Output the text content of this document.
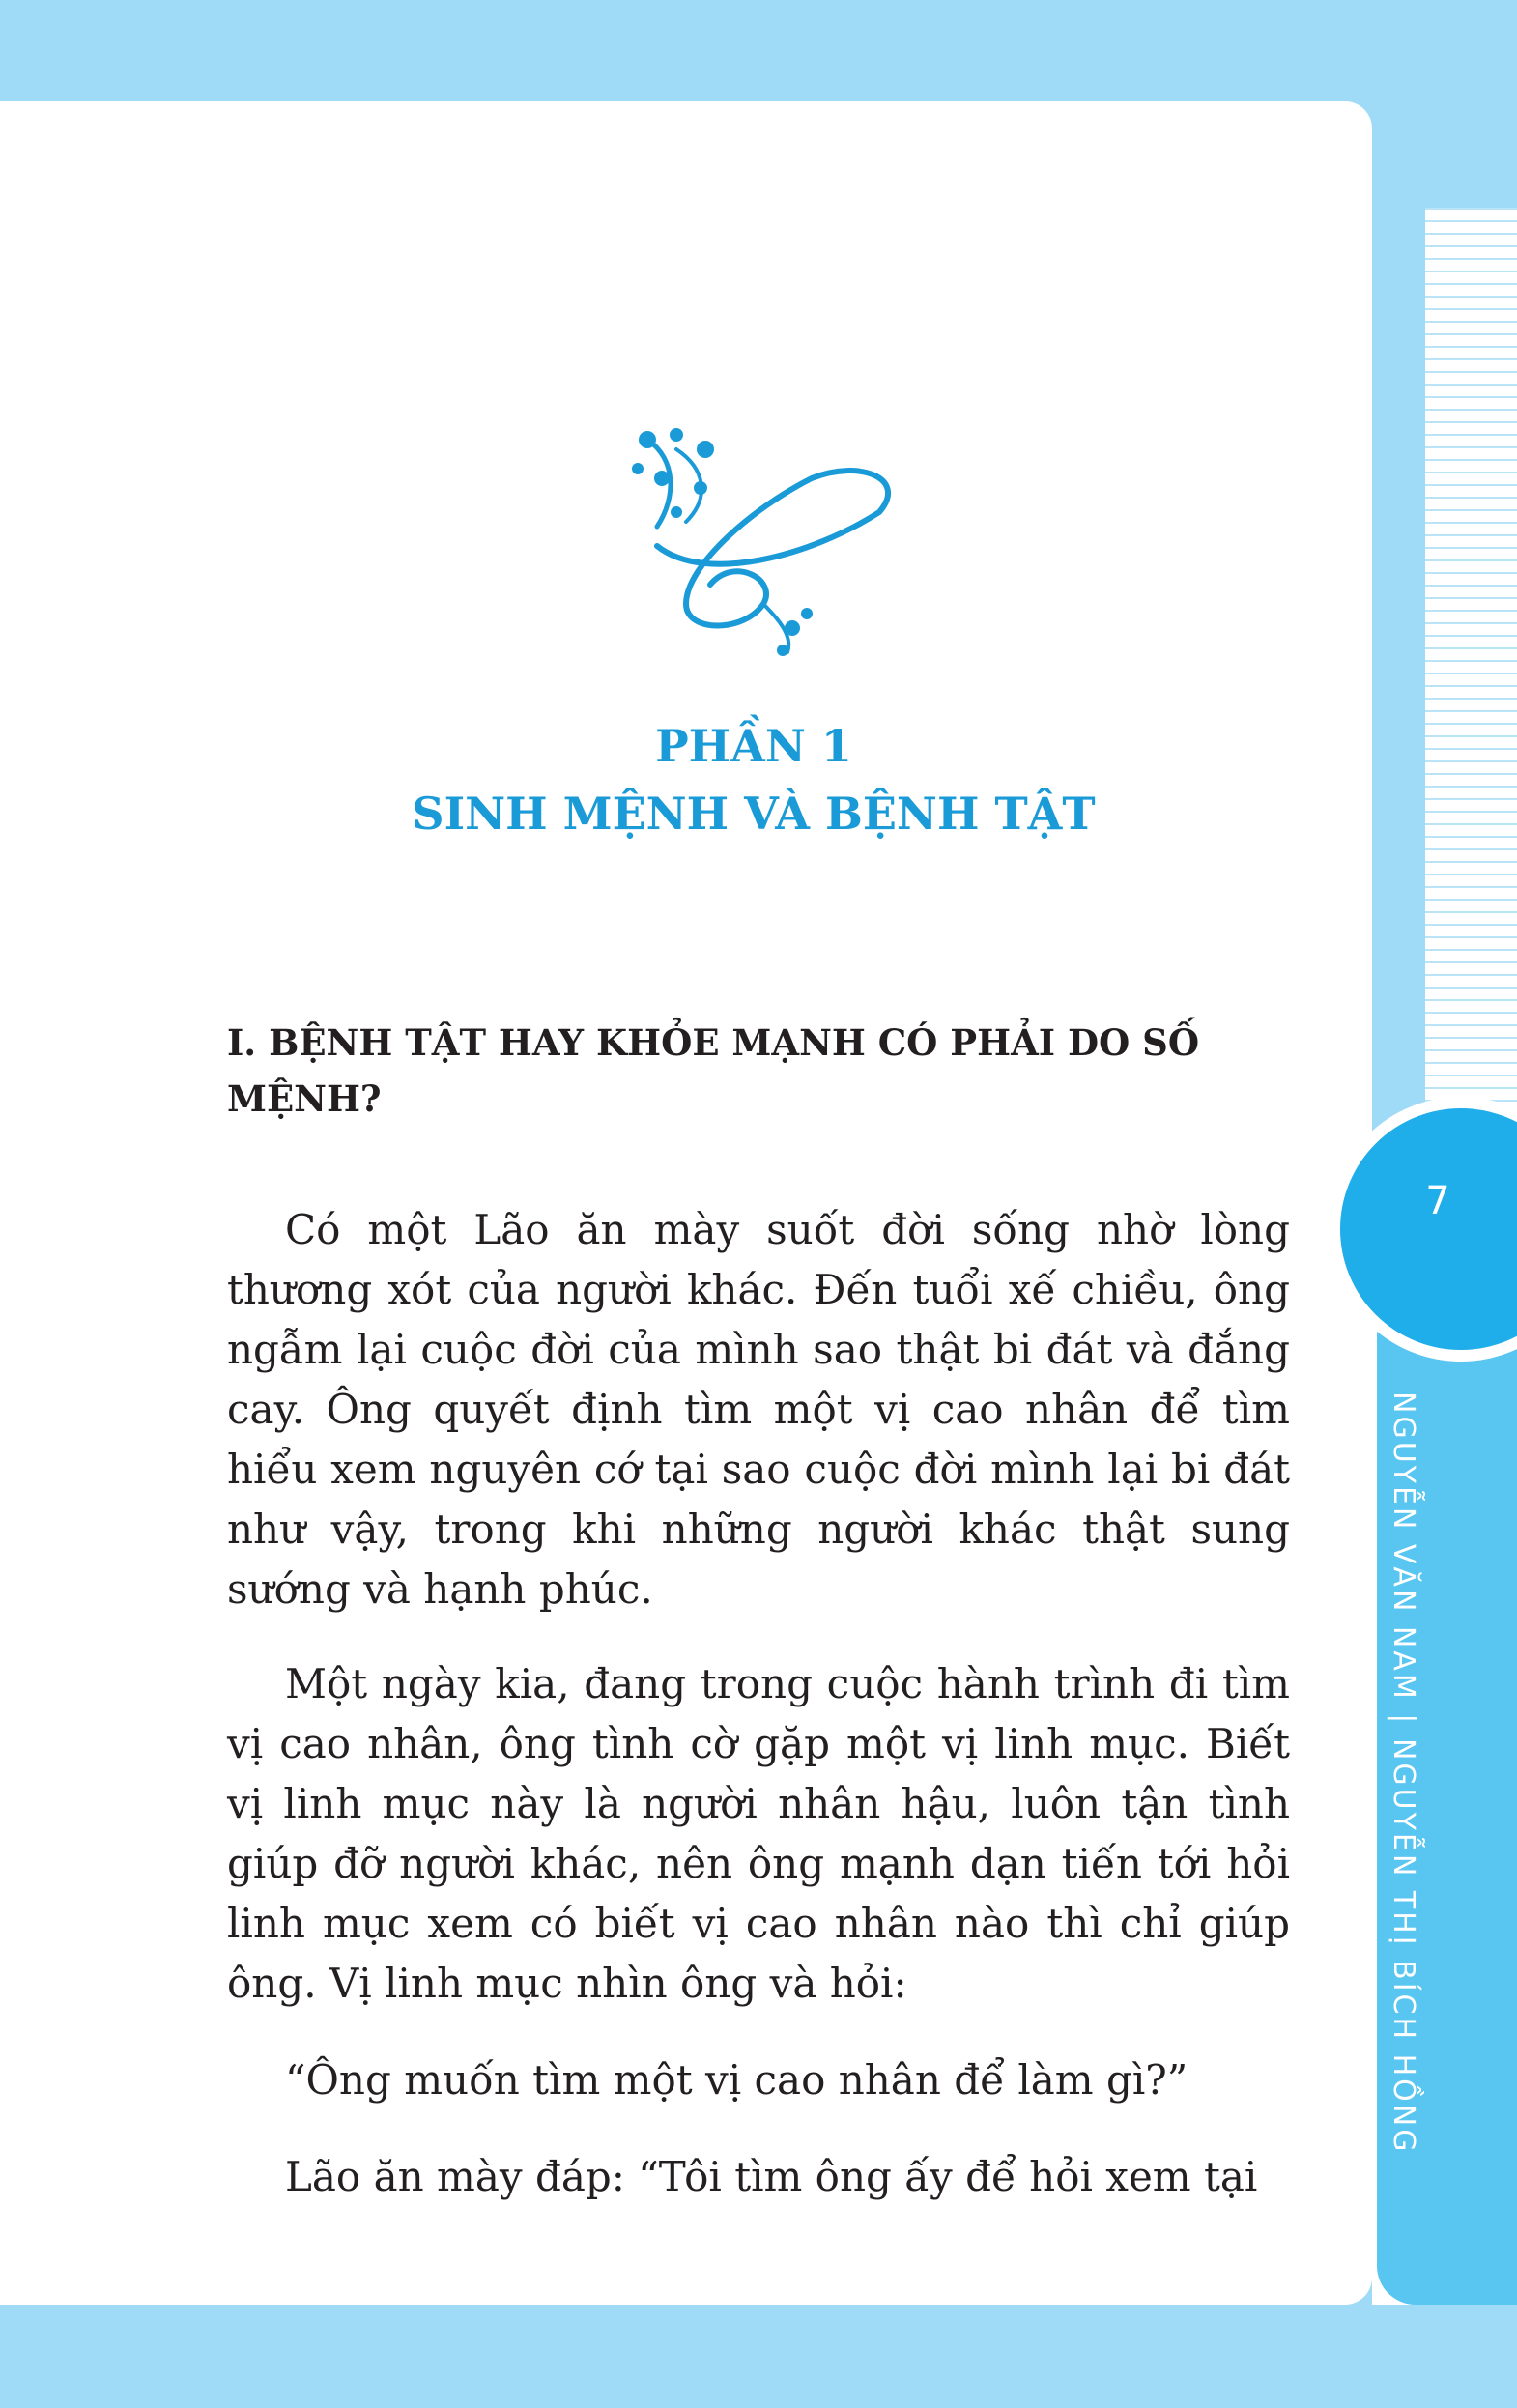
7
NGUYỄN VĂN NAM | NGUYỄN THỊ BÍCH HỒNG
PHẦN 1
SINH MỆNH VÀ BỆNH TẬT
I. BỆNH TẬT HAY KHỎE MẠNH CÓ PHẢI DO SỐ MỆNH?

Có một Lão ăn mày suốt đời sống nhờ lòng thương xót của người khác. Đến tuổi xế chiều, ông ngẫm lại cuộc đời của mình sao thật bi đát và đắng cay. Ông quyết định tìm một vị cao nhân để tìm hiểu xem nguyên cớ tại sao cuộc đời mình lại bi đát như vậy, trong khi những người khác thật sung sướng và hạnh phúc.

Một ngày kia, đang trong cuộc hành trình đi tìm vị cao nhân, ông tình cờ gặp một vị linh mục. Biết vị linh mục này là người nhân hậu, luôn tận tình giúp đỡ người khác, nên ông mạnh dạn tiến tới hỏi linh mục xem có biết vị cao nhân nào thì chỉ giúp ông. Vị linh mục nhìn ông và hỏi:

“Ông muốn tìm một vị cao nhân để làm gì?”

Lão ăn mày đáp: “Tôi tìm ông ấy để hỏi xem tại
